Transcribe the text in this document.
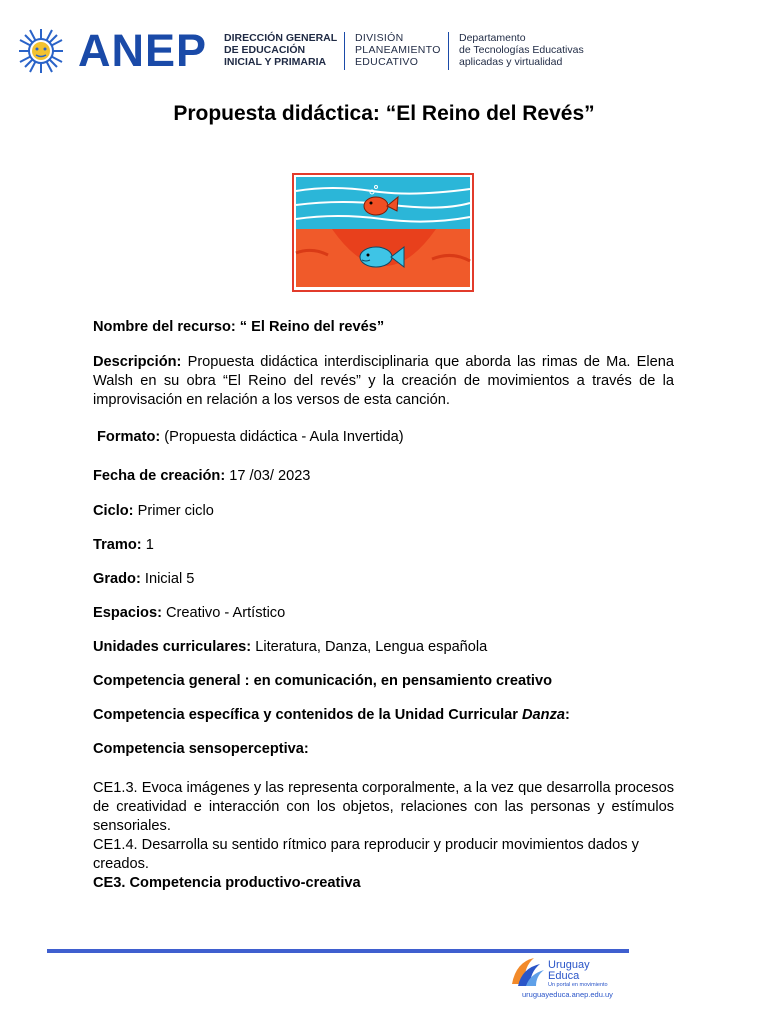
ANEP DIRECCIÓN GENERAL
DE EDUCACIÓN
INICIAL Y PRIMARIA
DIVISIÓN
PLANEAMIENTO
EDUCATIVO
Departamento
de Tecnologías Educativas
aplicadas y virtualidad
Propuesta didáctica: “El Reino del Revés”

Nombre del recurso: “ El Reino del revés”

Descripción: Propuesta didáctica interdisciplinaria que aborda las rimas de Ma. Elena Walsh en su obra “El Reino del revés” y la creación de movimientos a través de la improvisación en relación a los versos de esta canción.

Formato: (Propuesta didáctica - Aula Invertida)

Fecha de creación: 17 /03/ 2023

Ciclo: Primer ciclo

Tramo: 1

Grado: Inicial 5

Espacios: Creativo - Artístico

Unidades curriculares: Literatura, Danza, Lengua española

Competencia general : en comunicación, en pensamiento creativo

Competencia específica y contenidos de la Unidad Curricular Danza:

Competencia sensoperceptiva:

CE1.3. Evoca imágenes y las representa corporalmente, a la vez que desarrolla procesos de creatividad e interacción con los objetos, relaciones con las personas y estímulos sensoriales.

CE1.4. Desarrolla su sentido rítmico para reproducir y producir movimientos dados y creados.

CE3. Competencia productivo-creativa

Uruguay
Educa
Un portal en movimiento
uruguayeduca.anep.edu.uy
